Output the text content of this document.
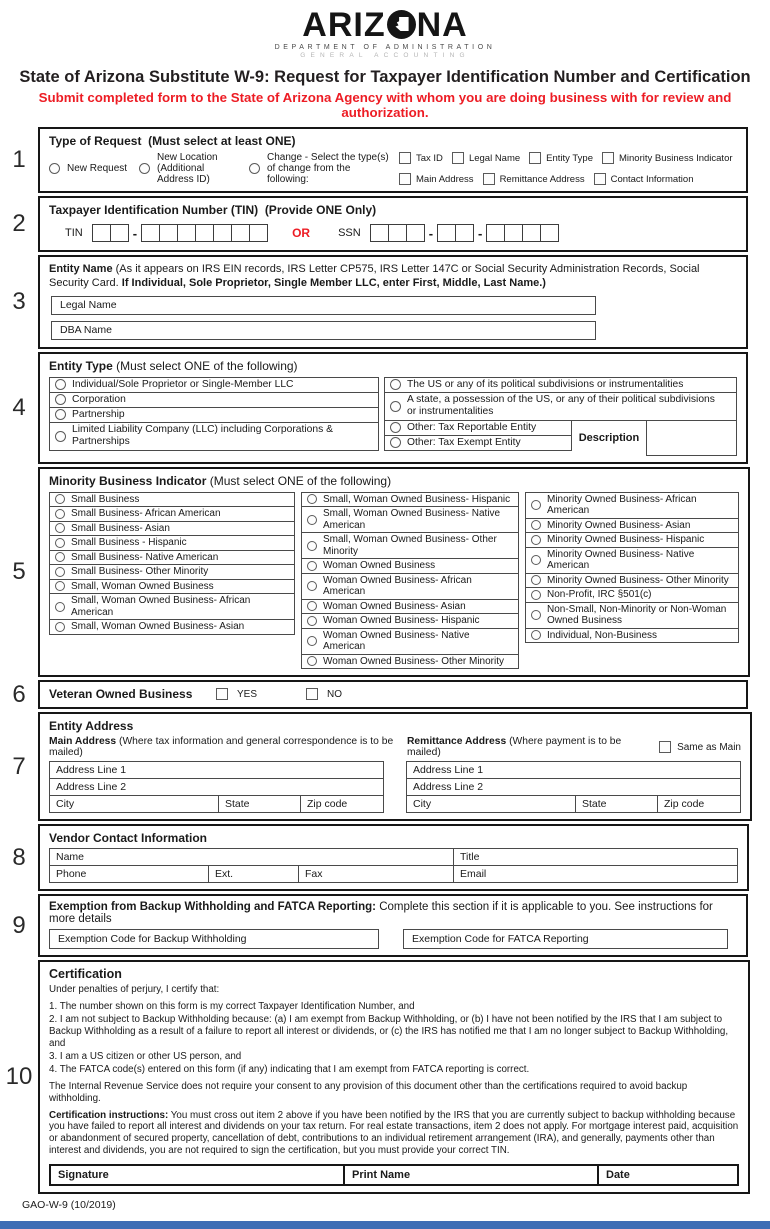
ARIZ NA
DEPARTMENT OF ADMINISTRATION
GENERAL ACCOUNTING
State of Arizona Substitute W-9: Request for Taxpayer Identification Number and Certification
Submit completed form to the State of Arizona Agency with whom you are doing business with for review and authorization.
1
Type of Request (Must select at least ONE)
New Request
New Location (Additional Address ID)
Change - Select the type(s) of change from the following:
Tax ID	Legal Name	Entity Type	Minority Business Indicator
Main Address	Remittance Address	Contact Information
2	Taxpayer Identification Number (TIN) (Provide ONE Only)
TIN	-	OR	SSN	-	-
3
Entity Name (As it appears on IRS EIN records, IRS Letter CP575, IRS Letter 147C or Social Security Administration Records, Social Security Card. If Individual, Sole Proprietor, Single Member LLC, enter First, Middle, Last Name.)
Legal Name
DBA Name
4
Entity Type (Must select ONE of the following)
Individual/Sole Proprietor or Single-Member LLC
Corporation
Partnership
Limited Liability Company (LLC) including Corporations & Partnerships
The US or any of its political subdivisions or instrumentalities
A state, a possession of the US, or any of their political subdivisions or instrumentalities
Other: Tax Reportable Entity
Other: Tax Exempt Entity	Description
5
Minority Business Indicator (Must select ONE of the following)
Small Business
Small Business- African American
Small Business- Asian
Small Business - Hispanic
Small Business- Native American
Small Business- Other Minority
Small, Woman Owned Business
Small, Woman Owned Business- African American
Small, Woman Owned Business- Asian
Small, Woman Owned Business- Hispanic
Small, Woman Owned Business- Native American
Small, Woman Owned Business- Other Minority
Woman Owned Business
Woman Owned Business- African American
Woman Owned Business- Asian
Woman Owned Business- Hispanic
Woman Owned Business- Native American
Woman Owned Business- Other Minority
Minority Owned Business- African American
Minority Owned Business- Asian
Minority Owned Business- Hispanic
Minority Owned Business- Native American
Minority Owned Business- Other Minority
Non-Profit, IRC §501(c)
Non-Small, Non-Minority or Non-Woman Owned Business
Individual, Non-Business
6	Veteran Owned Business	YES	NO
7
Entity Address
Main Address (Where tax information and general correspondence is to be mailed)
Remittance Address (Where payment is to be mailed)	Same as Main
Address Line 1
Address Line 2
City	State	Zip code
Address Line 1
Address Line 2
City	State	Zip code
8
Vendor Contact Information
Name	Title
Phone	Ext.	Fax	Email
9
Exemption from Backup Withholding and FATCA Reporting: Complete this section if it is applicable to you. See instructions for more details
Exemption Code for Backup Withholding	Exemption Code for FATCA Reporting
10
Certification

Under penalties of perjury, I certify that:

1. The number shown on this form is my correct Taxpayer Identification Number, and

2. I am not subject to Backup Withholding because: (a) I am exempt from Backup Withholding, or (b) I have not been notified by the IRS that I am subject to Backup Withholding as a result of a failure to report all interest or dividends, or (c) the IRS has notified me that I am no longer subject to Backup Withholding, and

3. I am a US citizen or other US person, and

4. The FATCA code(s) entered on this form (if any) indicating that I am exempt from FATCA reporting is correct.

The Internal Revenue Service does not require your consent to any provision of this document other than the certifications required to avoid backup withholding.

Certification instructions: You must cross out item 2 above if you have been notified by the IRS that you are currently subject to backup withholding because you have failed to report all interest and dividends on your tax return. For real estate transactions, item 2 does not apply. For mortgage interest paid, acquisition or abandonment of secured property, cancellation of debt, contributions to an individual retirement arrangement (IRA), and generally, payments other than interest and dividends, you are not required to sign the certification, but you must provide your correct TIN.

Signature	Print Name	Date
GAO-W-9 (10/2019)
